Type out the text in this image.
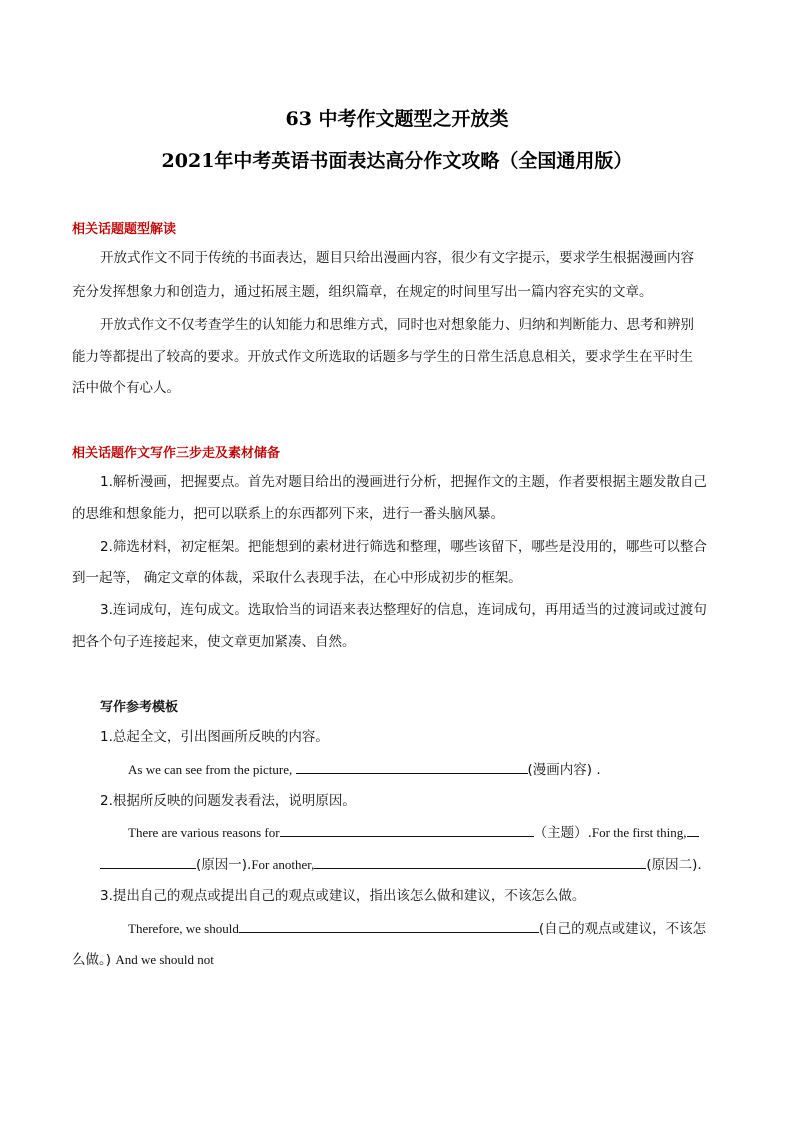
63 中考作文题型之开放类
2021年中考英语书面表达高分作文攻略（全国通用版）
相关话题题型解读
开放式作文不同于传统的书面表达，题目只给出漫画内容，很少有文字提示，要求学生根据漫画内容
充分发挥想象力和创造力，通过拓展主题，组织篇章，在规定的时间里写出一篇内容充实的文章。
开放式作文不仅考查学生的认知能力和思维方式，同时也对想象能力、归纳和判断能力、思考和辨别
能力等都提出了较高的要求。开放式作文所选取的话题多与学生的日常生活息息相关，要求学生在平时生
活中做个有心人。
相关话题作文写作三步走及素材储备
1.解析漫画，把握要点。首先对题目给出的漫画进行分析，把握作文的主题，作者要根据主题发散自己
的思维和想象能力，把可以联系上的东西都列下来，进行一番头脑风暴。
2.筛选材料，初定框架。把能想到的素材进行筛选和整理，哪些该留下，哪些是没用的，哪些可以整合
到一起等， 确定文章的体裁，采取什么表现手法，在心中形成初步的框架。
3.连词成句，连句成文。选取恰当的词语来表达整理好的信息，连词成句，再用适当的过渡词或过渡句
把各个句子连接起来，使文章更加紧凑、自然。
写作参考模板
1.总起全文，引出图画所反映的内容。
As we can see from the picture,	(漫画内容) .
2.根据所反映的问题发表看法，说明原因。
There are various reasons for	（主题）.For the first thing,
(原因一).For another,	(原因二).
3.提出自己的观点或提出自己的观点或建议，指出该怎么做和建议，不该怎么做。
Therefore, we should	(自己的观点或建议，不该怎
么做。) And we should not
